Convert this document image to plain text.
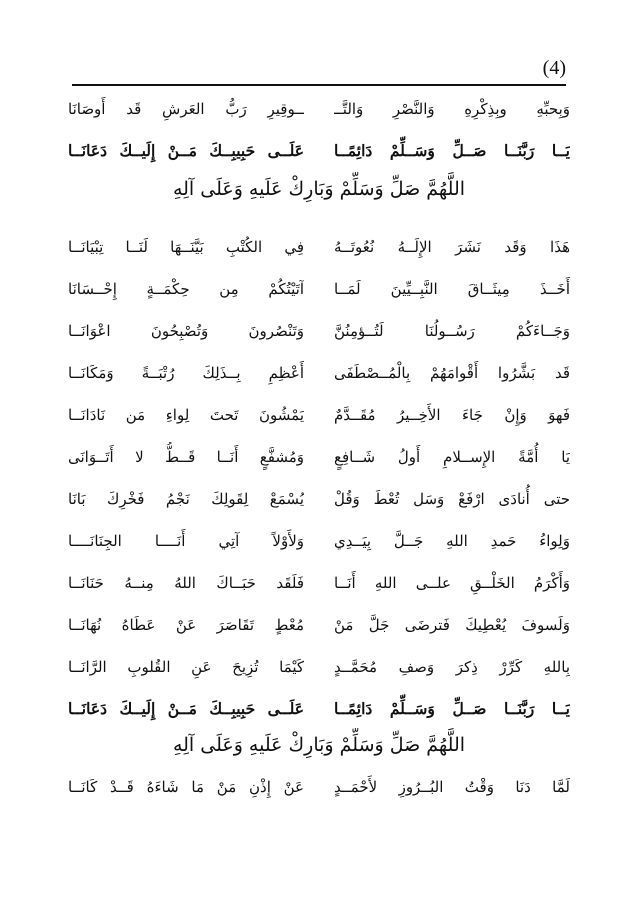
(4)
وَبِحبِّهِ وبِذِكْرِهِ وَالنَّصْرِ وَالتَّــ
ــوقِيرِ رَبُّ العَرشِ قَد أَوصَانَا
يَــا رَبَّنَــا صَــلِّ وَسَــلِّمْ دَائِمًــا
عَلَــى حَبِيبِــكَ مَــنْ إِلَيــكَ دَعَانَــا
اللَّهُمَّ صَلِّ وَسَلِّمْ وَبَارِكْ عَلَيهِ وَعَلَى آلِهِ
هَذَا وَقَد نَشَرَ الإِلَــهُ نُعُوتَــهُ
فِي الكُتْبِ بَيَّنَــهَا لَنَــا تِبْيَانَــا
أَخَــذَ مِيثَــاقَ النَّبِــيِّينَ لَمَــا
آتَيْتُكُمْ مِن حِكْمَــةٍ إِحْــسَانَا
وَجَــاءَكُمْ رَسُــولُنَا لَتُــؤمِنُنَّ
وَتَنْصُرونَ وَتُصْبِحُونَ اعْوَانَــا
قَد بَشَّرُوا أَقْوامَهُمْ بِالْمُــصْطَفَى
أَعْظِمِ بِــذَلِكَ رُتْبَــةً وَمَكَانَــا
فَهوَ وَإِنْ جَاءَ الأَخِــيرُ مُقَــدَّمٌ
يَمْشُونَ تَحتَ لِواءِ مَن نَادَانَــا
يَا أُمَّةً الإِســلامِ أَولُ شَــافِعٍ
وَمُشفَّعٍ أَنَــا قَــطُّ لا أَتَــوَانَى
حتى أُنادَى ارْفَعْ وَسَل تُعْطَ وَقُلْ
يُسْمَعْ لِقَولِكَ نَجْمُ فَخْرِكَ بَانَا
وَلِواءُ حَمدِ اللهِ جَــلَّ بِيَــدِي
وَلأَوْلاً آتِي أَنَــــا الجِنَانَــــا
وَأَكْرَمُ الخَلْــقِ علــى اللهِ أَنَــا
فَلَقَد حَبَــاكَ اللهُ مِنــهُ حَنَانَــا
وَلَسوفَ يُعْطِيكَ فَترضَى جَلَّ مَنْ
مُعْطٍ تَقَاصَرَ عَنْ عَطَاهُ نُهَانَــا
بِاللهِ كَرِّرْ ذِكرَ وَصفِ مُحَمَّــدٍ
كَيْمَا تُزِيحَ عَنِ القُلوبِ الرَّانَــا
يَــا رَبَّنَــا صَــلِّ وَسَــلِّمْ دَائِمًــا
عَلَــى حَبِيبِــكَ مَــنْ إِلَيــكَ دَعَانَــا
اللَّهُمَّ صَلِّ وَسَلِّمْ وَبَارِكْ عَلَيهِ وَعَلَى آلِهِ
لَمَّا دَنَا وَقْتُ البُــرُوزِ لأَحْمَــدٍ
عَنْ إِذْنِ مَنْ مَا شَاءَهُ قَــدْ كَانَــا
